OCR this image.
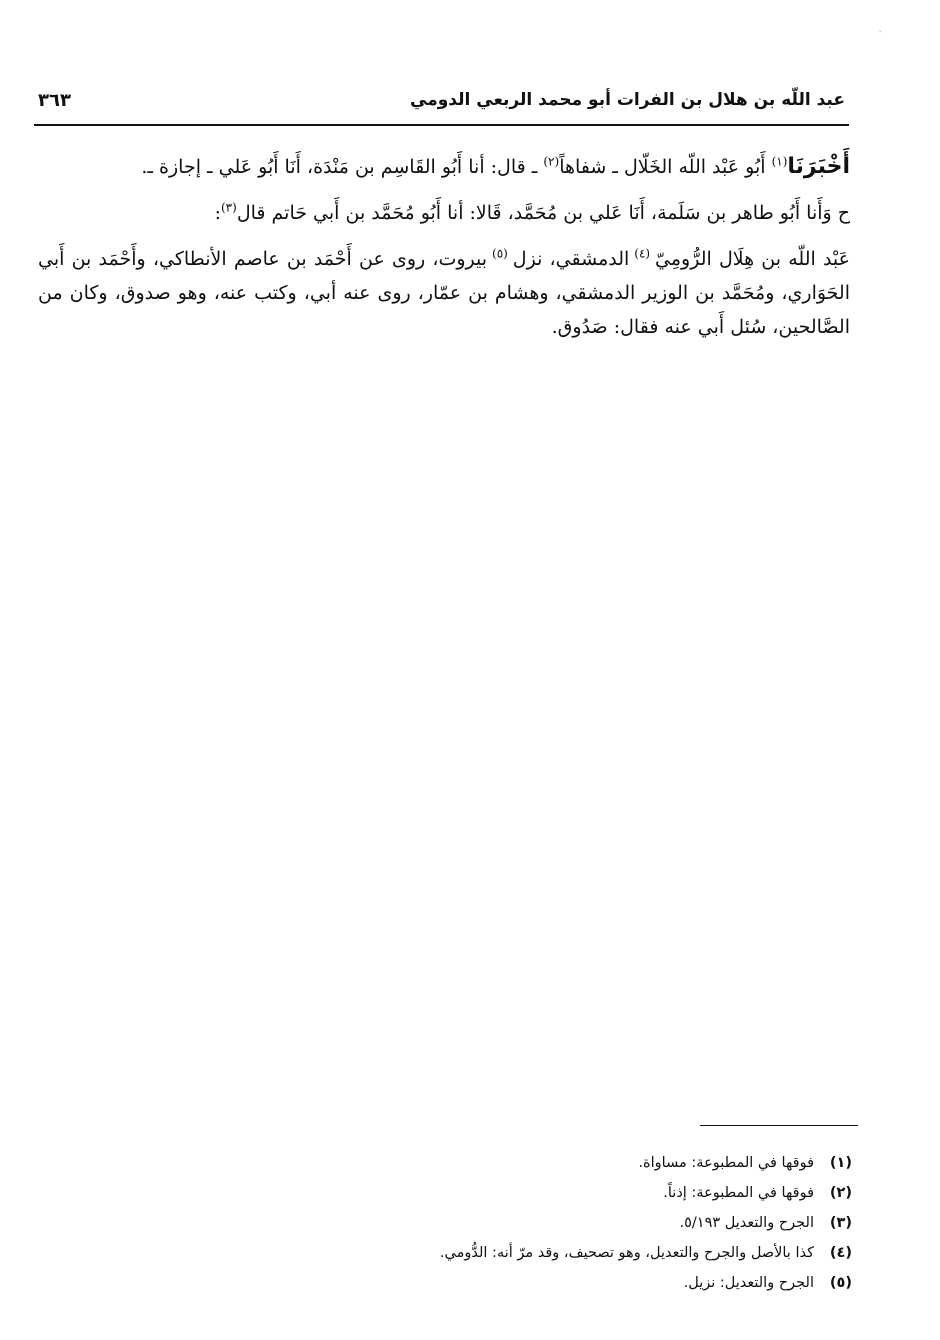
ˎ
عبد اللّه بن هلال بن الفرات أبو محمد الربعي الدومي
٣٦٣

أَخْبَرَنَا$^{(١)}$ أَبُو عَبْد اللّه الخَلّال ـ شفاهاً$^{(٢)}$ ـ قال: أنا أَبُو القَاسِم بن مَنْدَة، أَنَا أَبُو عَلي ـ إجازة ـ.

ح وَأَنا أَبُو طاهر بن سَلَمة، أَنَا عَلي بن مُحَمَّد، قَالا: أنا أَبُو مُحَمَّد بن أَبي حَاتم قال$^{(٣)}$:

عَبْد اللّه بن هِلَال الرُّومِيّ $^{(٤)}$ الدمشقي، نزل $^{(٥)}$ بيروت، روى عن أَحْمَد بن عاصم الأنطاكي، وأَحْمَد بن أَبي الحَوَاري، ومُحَمَّد بن الوزير الدمشقي، وهشام بن عمّار، روى عنه أبي، وكتب عنه، وهو صدوق، وكان من الصَّالحين، سُئل أَبي عنه فقال: صَدُوق.

(١)فوقها في المطبوعة: مساواة.
(٢)فوقها في المطبوعة: إذناً.
(٣)الجرح والتعديل ٥/١٩٣.
(٤)كذا بالأصل والجرح والتعديل، وهو تصحيف، وقد مرّ أنه: الدُّومي.
(٥)الجرح والتعديل: نزيل.
